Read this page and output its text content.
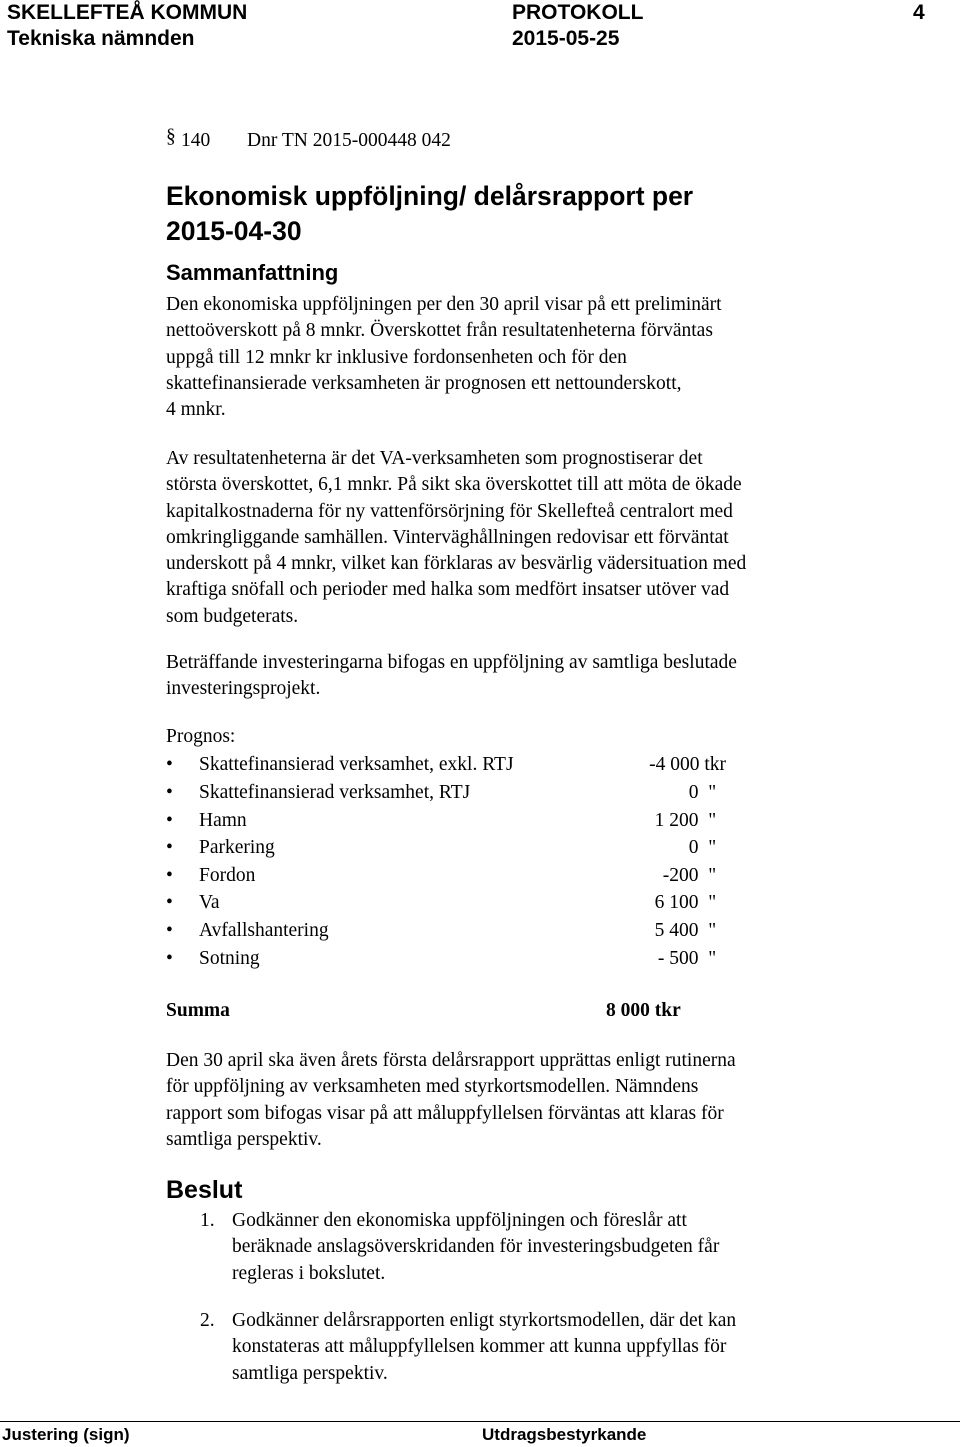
SKELLEFTEÅ KOMMUN	PROTOKOLL	4
Tekniska nämnden	2015-05-25
§ 140 Dnr TN 2015-000448 042
Ekonomisk uppföljning/ delårsrapport per
2015-04-30
Sammanfattning
Den ekonomiska uppföljningen per den 30 april visar på ett preliminärt
nettoöverskott på 8 mnkr. Överskottet från resultatenheterna förväntas
uppgå till 12 mnkr kr inklusive fordonsenheten och för den
skattefinansierade verksamheten är prognosen ett nettounderskott,
4 mnkr.
Av resultatenheterna är det VA-verksamheten som prognostiserar det
största överskottet, 6,1 mnkr. På sikt ska överskottet till att möta de ökade
kapitalkostnaderna för ny vattenförsörjning för Skellefteå centralort med
omkringliggande samhällen. Vinterväghållningen redovisar ett förväntat
underskott på 4 mnkr, vilket kan förklaras av besvärlig vädersituation med
kraftiga snöfall och perioder med halka som medfört insatser utöver vad
som budgeterats.
Beträffande investeringarna bifogas en uppföljning av samtliga beslutade
investeringsprojekt.
Prognos:
• Skattefinansierad verksamhet, exkl. RTJ	-4 000 tkr
• Skattefinansierad verksamhet, RTJ	0  "
• Hamn	1 200  "
• Parkering	0  "
• Fordon	-200  "
• Va	6 100  "
• Avfallshantering	5 400  "
• Sotning	- 500  "
Summa	8 000 tkr
Den 30 april ska även årets första delårsrapport upprättas enligt rutinerna
för uppföljning av verksamheten med styrkortsmodellen. Nämndens
rapport som bifogas visar på att måluppfyllelsen förväntas att klaras för
samtliga perspektiv.
Beslut
1. Godkänner den ekonomiska uppföljningen och föreslår att
beräknade anslagsöverskridanden för investeringsbudgeten får
regleras i bokslutet.
2. Godkänner delårsrapporten enligt styrkortsmodellen, där det kan
konstateras att måluppfyllelsen kommer att kunna uppfyllas för
samtliga perspektiv.
Justering (sign)	Utdragsbestyrkande
